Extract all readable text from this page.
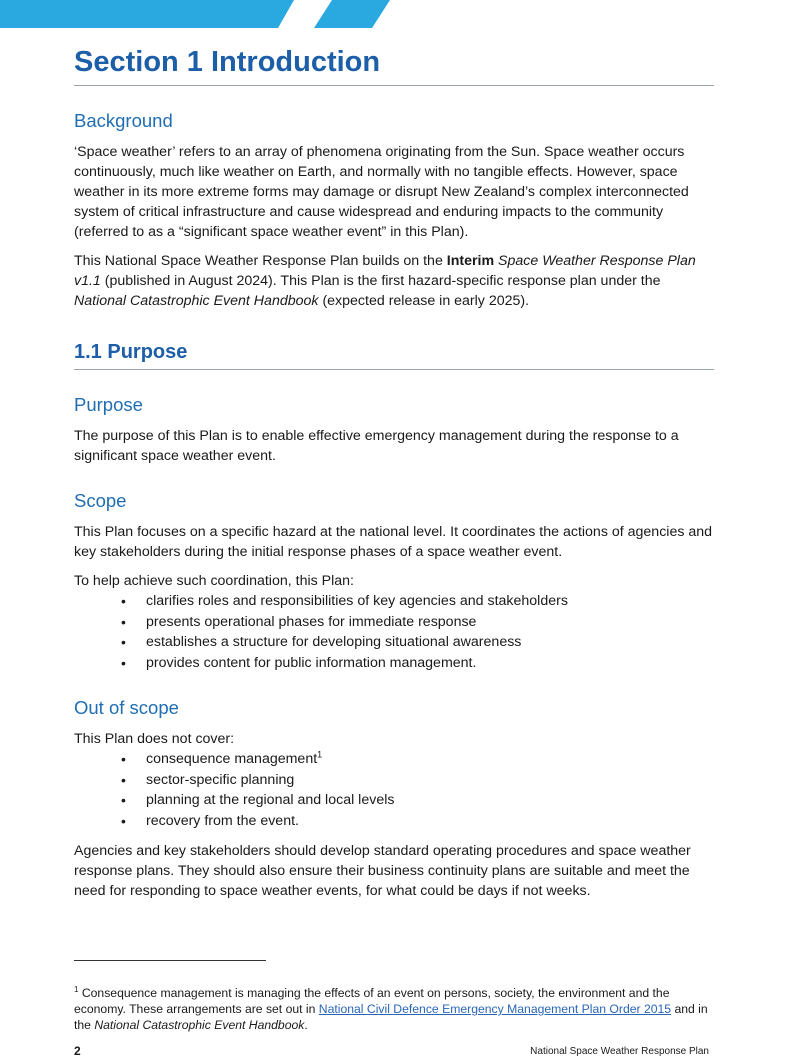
Section 1 Introduction
Background

‘Space weather’ refers to an array of phenomena originating from the Sun. Space weather occurs continuously, much like weather on Earth, and normally with no tangible effects. However, space weather in its more extreme forms may damage or disrupt New Zealand’s complex interconnected system of critical infrastructure and cause widespread and enduring impacts to the community (referred to as a “significant space weather event” in this Plan).

This National Space Weather Response Plan builds on the Interim Space Weather Response Plan v1.1 (published in August 2024). This Plan is the first hazard-specific response plan under the National Catastrophic Event Handbook (expected release in early 2025).

1.1 Purpose
Purpose

The purpose of this Plan is to enable effective emergency management during the response to a significant space weather event.

Scope

This Plan focuses on a specific hazard at the national level. It coordinates the actions of agencies and key stakeholders during the initial response phases of a space weather event.

To help achieve such coordination, this Plan:

• clarifies roles and responsibilities of key agencies and stakeholders
• presents operational phases for immediate response
• establishes a structure for developing situational awareness
• provides content for public information management.
Out of scope

This Plan does not cover:

• consequence management$^1$
• sector-specific planning
• planning at the regional and local levels
• recovery from the event.

Agencies and key stakeholders should develop standard operating procedures and space weather response plans. They should also ensure their business continuity plans are suitable and meet the need for responding to space weather events, for what could be days if not weeks.

$^1$ Consequence management is managing the effects of an event on persons, society, the environment and the economy. These arrangements are set out in National Civil Defence Emergency Management Plan Order 2015 and in the National Catastrophic Event Handbook.
2	National Space Weather Response Plan
